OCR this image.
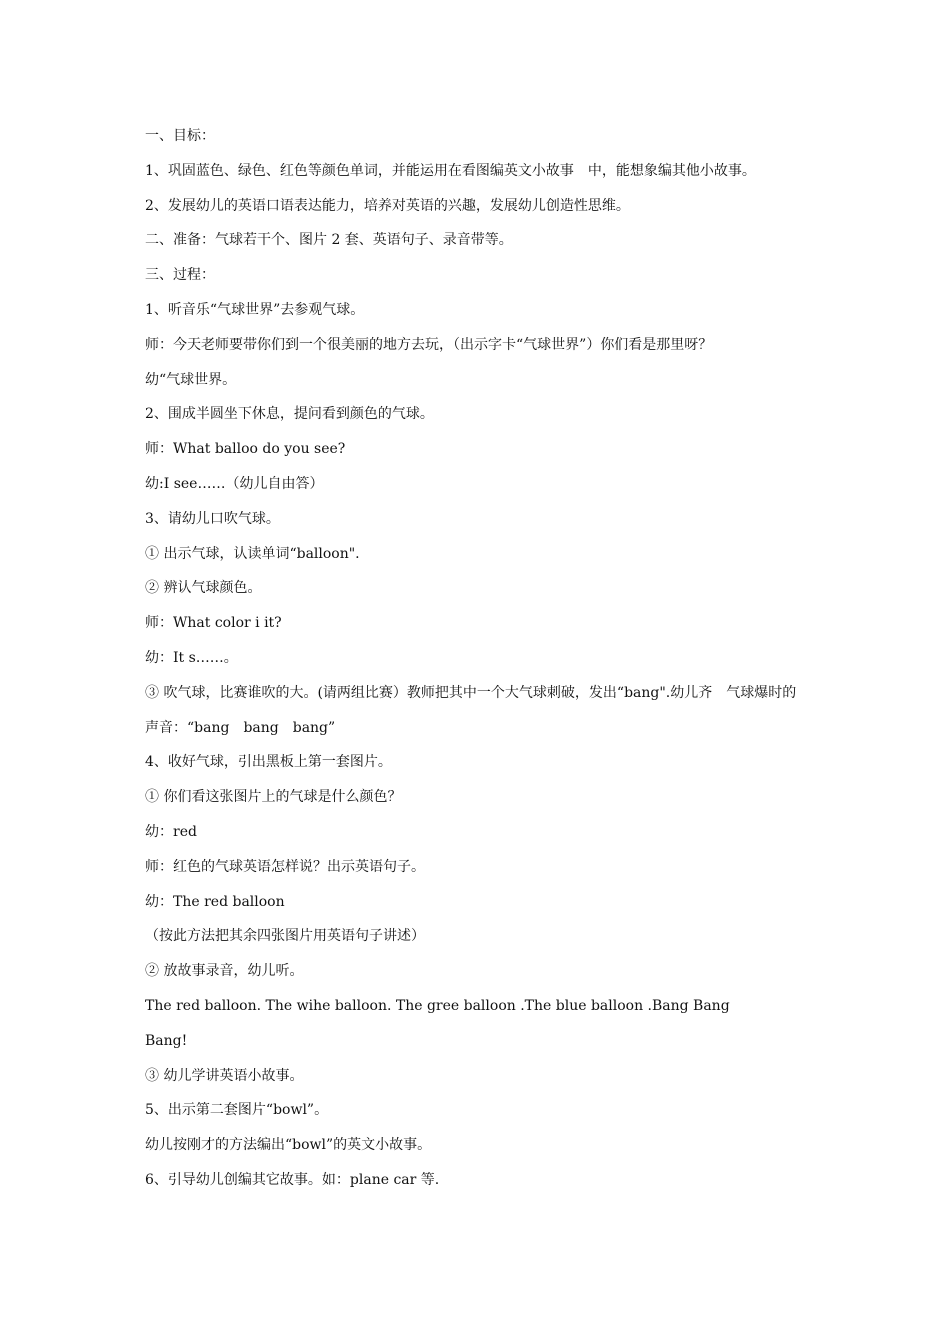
一、目标：
1、巩固蓝色、绿色、红色等颜色单词，并能运用在看图编英文小故事　中，能想象编其他小故事。
2、发展幼儿的英语口语表达能力，培养对英语的兴趣，发展幼儿创造性思维。
二、准备：气球若干个、图片 2 套、英语句子、录音带等。
三、过程：
1、听音乐“气球世界”去参观气球。
师：今天老师要带你们到一个很美丽的地方去玩，（出示字卡“气球世界”）你们看是那里呀？
幼“气球世界。
2、围成半圆坐下休息，提问看到颜色的气球。
师：What balloo do you see?
幼:I see……（幼儿自由答）
3、请幼儿口吹气球。
① 出示气球，认读单词“balloon".
② 辨认气球颜色。
师：What color i it?
幼：It s……。
③ 吹气球，比赛谁吹的大。(请两组比赛）教师把其中一个大气球刺破，发出“bang".幼儿齐　气球爆时的
声音：“bang　bang　bang”
4、收好气球，引出黑板上第一套图片。
① 你们看这张图片上的气球是什么颜色？
幼：red
师：红色的气球英语怎样说？出示英语句子。
幼：The red balloon
（按此方法把其余四张图片用英语句子讲述）
② 放故事录音，幼儿听。
The red balloon. The wihe balloon. The gree balloon .The blue balloon .Bang Bang
Bang!
③ 幼儿学讲英语小故事。
5、出示第二套图片“bowl”。
幼儿按刚才的方法编出“bowl”的英文小故事。
6、引导幼儿创编其它故事。如：plane car 等.
